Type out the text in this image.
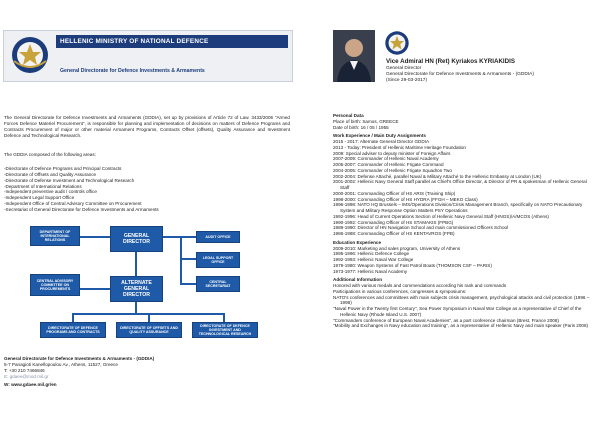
HELLENIC MINISTRY OF NATIONAL DEFENCE
General Directorate for Defence Investments & Armaments
The General Directorate for Defence Investments and Armaments (GDDIA), set up by provisions of Article 72 of Law. 3433/2006 "Armed Forces Defence Materiel Procurement", is responsible for planning and implementation of decisions on matters of Defence Programs and Contracts Procurement of major or other material Armament Programs, Contracts Offset (offsets), Quality Assurance and Investment Defence and Technological Research.
The GDDIA composed of the following areas:
-Directorate of Defence Programs and Principal Contracts
-Directorate of Offsets and Quality Assurance
-Directorate of Defense Investment and Technological Research
-Department of International Relations
-Independent preventive audit / controls office
-Independent Legal Support Office
-Independent Office of Central Advisory Committee on Procurement
-Secretariat of General Directorate for Defence Investments and Armaments
DEPARTMENT OF INTERNATIONAL RELATIONS
GENERAL DIRECTOR
AUDIT OFFICE
LEGAL SUPPORT OFFICE
CENTRAL SECRETARIAT
CENTRAL ADVISORY COMMITTEE ON PROCUREMENTS
ALTERNATE GENERAL DIRECTOR
DIRECTORATE OF DEFENCE PROGRAMS AND CONTRACTS
DIRECTORATE OF OFFSETS AND QUALITY ASSURANCE
DIRECTORATE OF DEFENCE INVESTMENT AND TECHNOLOGICAL RESEARCH
General Directorate for Defence Investments & Armaments - (GDDIA)
5-7 Panagioti Kanellopoulou Av., Athens, 11527, Greece
T: +30 210 7466846
E: gdaee@mod.mil.gr
W: www.gdaee.mil.gr/en
Vice Admiral HN (Ret) Kyriakos KYRIAKIDIS
General Director
General Directorate for Defence Investments & Armaments - (GDDIA)
(Since 29-03-2017)
Personal Data
Place of birth: Samos, GREECE
Date of birth: 16 / 05 / 1955
Work Experience / Main Duty Assignments
2015 - 2017: Alternate General Director GDDIA
2013 - Today: President of Hellenic Maritime Heritage Foundation
2009: Special adviser to deputy minister of Foreign Affairs
2007-2009: Commander of Hellenic Naval Academy
2005-2007: Commander of Hellenic Frigate Command
2004-2005: Commander of Hellenic Frigate Squadron Two
2002-2004: Defense Attaché, parallel Naval & Military Attaché to the Hellenic Embassy at London (UK)
2001-2002: Hellenic Navy General Staff parallel as Chief's Office Director, & Director of PR & spokesman of Hellenic General Staff
2000-2001: Commanding Officer of HS ARIS (Training Ship)
1998-2000: Commanding Officer of HS HYDRA (FFGH – MEKO Class)
1996-1998: NATO HQ Brussels – IMS/Operations Division/Crisis Management Branch, specifically on NATO Precautionary System and Military Response Option Matters PSY Operations
1992-1996: Head of Current Operations Section of Hellenic Navy General Staff (HNGS)/A/MCOS (Athens)
1990-1992: Commanding Officer of HS STAMAKIS (FPBG)
1989-1990: Director of HN Navigation School and main commissioned Officers School
1986-1988: Commanding Officer of HS KENTAVROS (FPB)
Education Experience
2009-2010: Marketing and sales program, University of Athens
1995-1996: Hellenic Defence College
1992-1993: Hellenic Naval War College
1979-1980: Weapon Systems of Fast Patrol Boats (THOMSON CSF – PARIS)
1973-1977: Hellenic Naval Academy
Additional Information
Honored with various medals and commendations according his rank and commands
Participations in various conferences, congresses & symposiums:
NATO's conferences and committees with main subjects crisis management, psychological attacks and civil protection (1996 – 1998)
"Naval Power in the Twenty first Century", Sea Power Symposium in Naval War College as a representative of Chief of the Hellenic Navy (Rhode Island U.S. 2007)
"Commanders conference of European Naval Academies", as a part conference chairman (Brest, France 2008)
"Mobility and Exchanges in Navy education and training", as a representative of Hellenic Navy and main speaker (Paris 2008)
